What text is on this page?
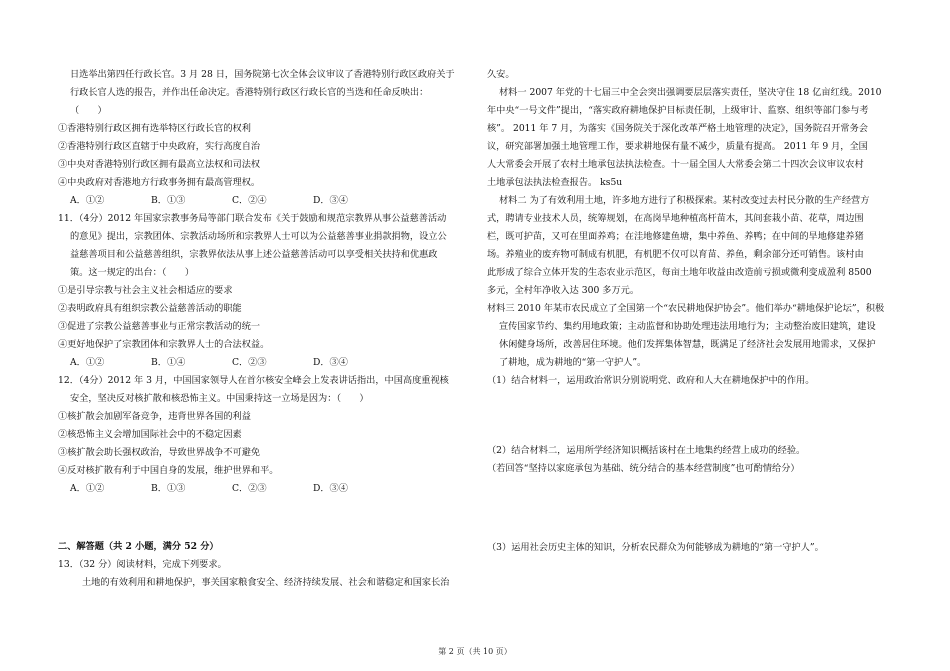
日选举出第四任行政长官。3 月 28 日，国务院第七次全体会议审议了香港特别行政区政府关于
行政长官人选的报告，并作出任命决定。香港特别行政区行政长官的当选和任命反映出：
（　　）
①香港特别行政区拥有选举特区行政长官的权利
②香港特别行政区直辖于中央政府，实行高度自治
③中央对香港特别行政区拥有最高立法权和司法权
④中央政府对香港地方行政事务拥有最高管理权。
A．①②	B．①③	C．②④	D．③④
11．（4分）2012 年国家宗教事务局等部门联合发布《关于鼓励和规范宗教界从事公益慈善活动
的意见》提出，宗教团体、宗教活动场所和宗教界人士可以为公益慈善事业捐款捐物，设立公
益慈善项目和公益慈善组织，宗教界依法从事上述公益慈善活动可以享受相关扶持和优惠政
策。这一规定的出台：（　　）
①是引导宗教与社会主义社会相适应的要求
②表明政府具有组织宗教公益慈善活动的职能
③促进了宗教公益慈善事业与正常宗教活动的统一
④更好地保护了宗教团体和宗教界人士的合法权益。
A．①②	B．①④	C．②③	D．③④
12．（4分）2012 年 3 月，中国国家领导人在首尔核安全峰会上发表讲话指出，中国高度重视核
安全，坚决反对核扩散和核恐怖主义。中国秉持这一立场是因为：（　　）
①核扩散会加剧军备竞争，违背世界各国的利益
②核恐怖主义会增加国际社会中的不稳定因素
③核扩散会助长强权政治，导致世界战争不可避免
④反对核扩散有利于中国自身的发展，维护世界和平。
A．①②	B．①③	C．②③	D．③④
二、解答题（共 2 小题，满分 52 分）
13．（32 分）阅读材料，完成下列要求。
土地的有效利用和耕地保护，事关国家粮食安全、经济持续发展、社会和谐稳定和国家长治
久安。
材料一 2007 年党的十七届三中全会突出强调要层层落实责任，坚决守住 18 亿亩红线。2010
年中央“一号文件”提出，“落实政府耕地保护目标责任制，上级审计、监察、组织等部门参与考
核”。 2011 年 7 月，为落实《国务院关于深化改革严格土地管理的决定》，国务院召开常务会
议，研究部署加强土地管理工作，要求耕地保有量不减少，质量有提高。 2011 年 9 月，全国
人大常委会开展了农村土地承包法执法检查。十一届全国人大常委会第二十四次会议审议农村
土地承包法执法检查报告。 ks5u
材料二 为了有效利用土地，许多地方进行了积极探索。某村改变过去村民分散的生产经营方
式，聘请专业技术人员，统筹规划，在高岗旱地种植高杆苗木，其间套栽小苗、花草，周边围
栏，既可护苗，又可在里面养鸡；在洼地修建鱼塘，集中养鱼、养鸭；在中间的旱地修建养猪
场。养殖业的废弃物可制成有机肥，有机肥不仅可以育苗、养鱼，剩余部分还可销售。该村由
此形成了综合立体开发的生态农业示范区，每亩土地年收益由改造前亏损或微利变成盈利 8500
多元，全村年净收入达 300 多万元。
材料三 2010 年某市农民成立了全国第一个“农民耕地保护协会”。他们举办“耕地保护论坛”，积极
宣传国家节约、集约用地政策；主动监督和协助处理违法用地行为；主动整治废旧建筑，建设
休闲健身场所，改善居住环境。他们发挥集体智慧，既满足了经济社会发展用地需求，又保护
了耕地，成为耕地的“第一守护人”。
（1）结合材料一，运用政治常识分别说明党、政府和人大在耕地保护中的作用。
（2）结合材料二，运用所学经济知识概括该村在土地集约经营上成功的经验。
（若回答“坚持以家庭承包为基础、统分结合的基本经营制度”也可酌情给分）
（3）运用社会历史主体的知识，分析农民群众为何能够成为耕地的“第一守护人”。
第 2 页（共 10 页）
